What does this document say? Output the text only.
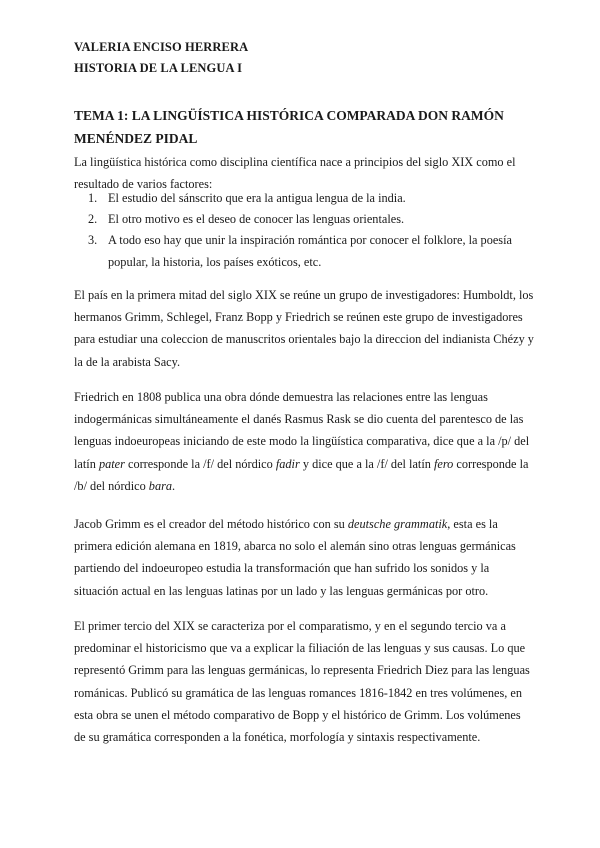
VALERIA ENCISO HERRERA
HISTORIA DE LA LENGUA I
TEMA 1: LA LINGÜÍSTICA HISTÓRICA COMPARADA DON RAMÓN MENÉNDEZ PIDAL

La lingüística histórica como disciplina científica nace a principios del siglo XIX como el resultado de varios factores:

1. El estudio del sánscrito que era la antigua lengua de la india.
2. El otro motivo es el deseo de conocer las lenguas orientales.
3. A todo eso hay que unir la inspiración romántica por conocer el folklore, la poesía popular, la historia, los países exóticos, etc.

El país en la primera mitad del siglo XIX se reúne un grupo de investigadores: Humboldt, los hermanos Grimm, Schlegel, Franz Bopp y Friedrich se reúnen este grupo de investigadores para estudiar una coleccion de manuscritos orientales bajo la direccion del indianista Chézy y la de la arabista Sacy.

Friedrich en 1808 publica una obra dónde demuestra las relaciones entre las lenguas indogermánicas simultáneamente el danés Rasmus Rask se dio cuenta del parentesco de las lenguas indoeuropeas iniciando de este modo la lingüística comparativa, dice que a la /p/ del latín pater corresponde la /f/ del nórdico fadir y dice que a la /f/ del latín fero corresponde la /b/ del nórdico bara.

Jacob Grimm es el creador del método histórico con su deutsche grammatik, esta es la primera edición alemana en 1819, abarca no solo el alemán sino otras lenguas germánicas partiendo del indoeuropeo estudia la transformación que han sufrido los sonidos y la situación actual en las lenguas latinas por un lado y las lenguas germánicas por otro.

El primer tercio del XIX se caracteriza por el comparatismo, y en el segundo tercio va a predominar el historicismo que va a explicar la filiación de las lenguas y sus causas. Lo que representó Grimm para las lenguas germánicas, lo representa Friedrich Diez para las lenguas románicas. Publicó su gramática de las lenguas romances 1816-1842 en tres volúmenes, en esta obra se unen el método comparativo de Bopp y el histórico de Grimm. Los volúmenes de su gramática corresponden a la fonética, morfología y sintaxis respectivamente.
